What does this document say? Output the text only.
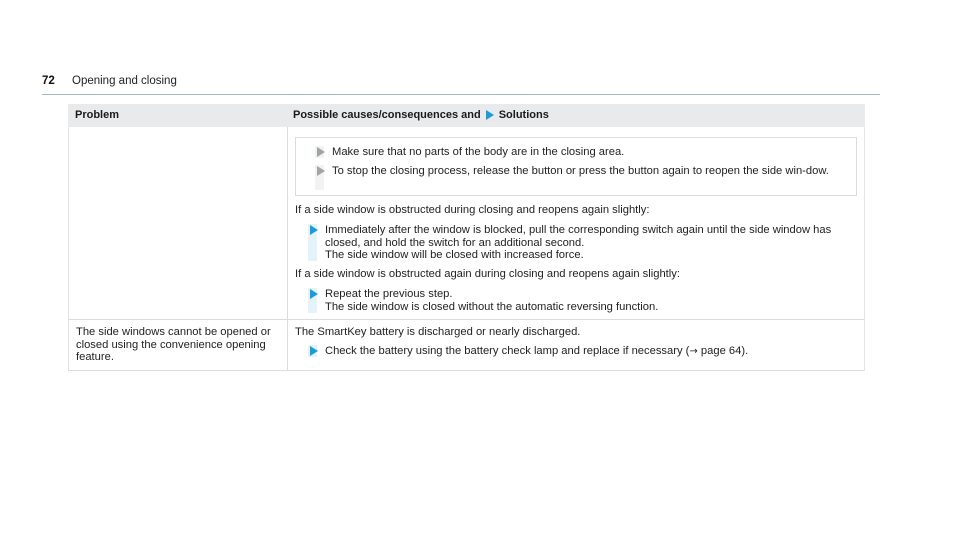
72 Opening and closing
Problem	Possible causes/consequences and Solutions
Make sure that no parts of the body are in the closing area.
To stop the closing process, release the button or press the button again to reopen the side win-dow.

If a side window is obstructed during closing and reopens again slightly:

Immediately after the window is blocked, pull the corresponding switch again until the side window has closed, and hold the switch for an additional second.
The side window will be closed with increased force.

If a side window is obstructed again during closing and reopens again slightly:

Repeat the previous step.
The side window is closed without the automatic reversing function.
The side windows cannot be opened or closed using the convenience opening feature.

The SmartKey battery is discharged or nearly discharged.

Check the battery using the battery check lamp and replace if necessary (→ page 64).
